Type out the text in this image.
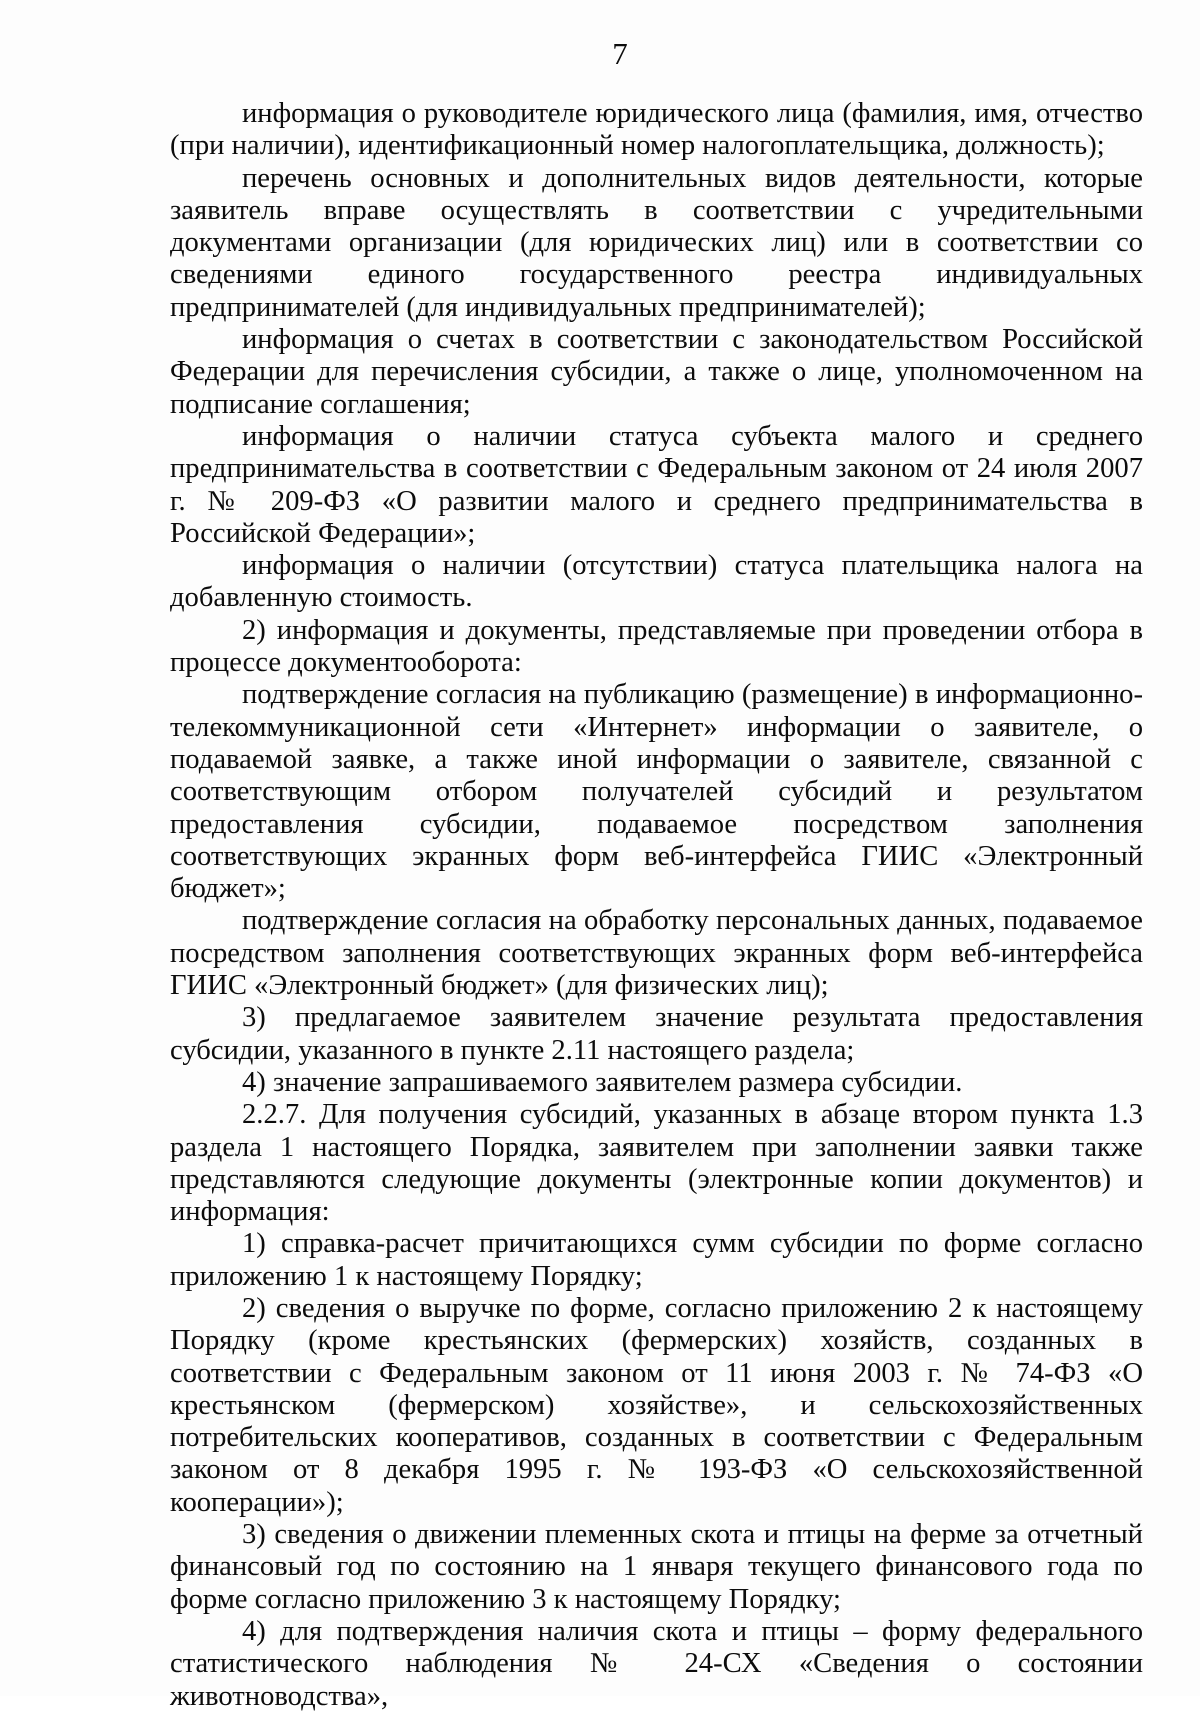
7

информация о руководителе юридического лица (фамилия, имя, отчество (при наличии), идентификационный номер налогоплательщика, должность);

перечень основных и дополнительных видов деятельности, которые заявитель вправе осуществлять в соответствии с учредительными документами организации (для юридических лиц) или в соответствии со сведениями единого государственного реестра индивидуальных предпринимателей (для индивидуальных предпринимателей);

информация о счетах в соответствии с законодательством Российской Федерации для перечисления субсидии, а также о лице, уполномоченном на подписание соглашения;

информация о наличии статуса субъекта малого и среднего предпринимательства в соответствии с Федеральным законом от 24 июля 2007 г. № 209-ФЗ «О развитии малого и среднего предпринимательства в Российской Федерации»;

информация о наличии (отсутствии) статуса плательщика налога на добавленную стоимость.

2) информация и документы, представляемые при проведении отбора в процессе документооборота:

подтверждение согласия на публикацию (размещение) в информационно-телекоммуникационной сети «Интернет» информации о заявителе, о подаваемой заявке, а также иной информации о заявителе, связанной с соответствующим отбором получателей субсидий и результатом предоставления субсидии, подаваемое посредством заполнения соответствующих экранных форм веб-интерфейса ГИИС «Электронный бюджет»;

подтверждение согласия на обработку персональных данных, подаваемое посредством заполнения соответствующих экранных форм веб-интерфейса ГИИС «Электронный бюджет» (для физических лиц);

3) предлагаемое заявителем значение результата предоставления субсидии, указанного в пункте 2.11 настоящего раздела;

4) значение запрашиваемого заявителем размера субсидии.

2.2.7. Для получения субсидий, указанных в абзаце втором пункта 1.3 раздела 1 настоящего Порядка, заявителем при заполнении заявки также представляются следующие документы (электронные копии документов) и информация:

1) справка-расчет причитающихся сумм субсидии по форме согласно приложению 1 к настоящему Порядку;

2) сведения о выручке по форме, согласно приложению 2 к настоящему Порядку (кроме крестьянских (фермерских) хозяйств, созданных в соответствии с Федеральным законом от 11 июня 2003 г. № 74-ФЗ «О крестьянском (фермерском) хозяйстве», и сельскохозяйственных потребительских кооперативов, созданных в соответствии с Федеральным законом от 8 декабря 1995 г. № 193-ФЗ «О сельскохозяйственной кооперации»);

3) сведения о движении племенных скота и птицы на ферме за отчетный финансовый год по состоянию на 1 января текущего финансового года по форме согласно приложению 3 к настоящему Порядку;

4) для подтверждения наличия скота и птицы – форму федерального статистического наблюдения № 24-СХ «Сведения о состоянии животноводства»,
